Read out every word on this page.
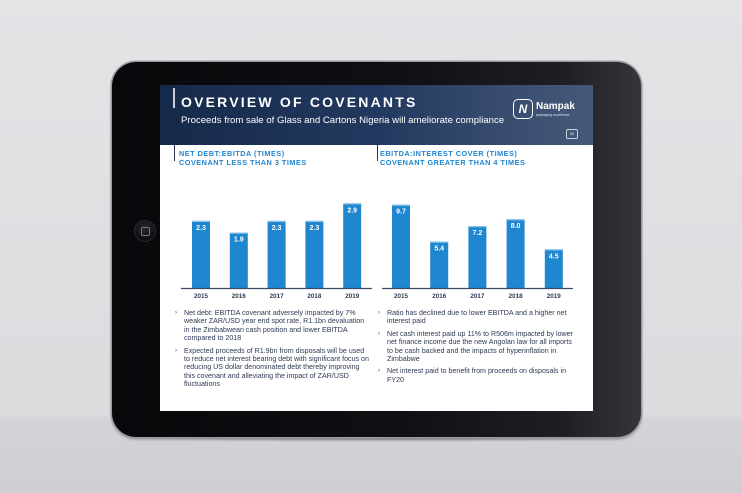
OVERVIEW OF COVENANTS
Proceeds from sale of Glass and Cartons Nigeria will ameliorate compliance
N Nampak
packaging excellence
22
NET DEBT:EBITDA (TIMES)
COVENANT LESS THAN 3 TIMES
EBITDA:INTEREST COVER (TIMES)
COVENANT GREATER THAN 4 TIMES
2.3
2015
1.9
2016
2.3
2017
2.3
2018
2.9
2019
9.7
2015
5.4
2016
7.2
2017
8.0
2018
4.5
2019
› Net debt: EBITDA covenant adversely impacted by 7% weaker ZAR/USD year end spot rate, R1.1bn devaluation in the Zimbabwean cash position and lower EBITDA compared to 2018
› Expected proceeds of R1.9bn from disposals will be used to reduce net interest bearing debt with significant focus on reducing US dollar denominated debt thereby improving this covenant and alleviating the impact of ZAR/USD fluctuations
› Ratio has declined due to lower EBITDA and a higher net interest paid
› Net cash interest paid up 11% to R506m impacted by lower net finance income due the new Angolan law for all imports to be cash backed and the impacts of hyperinflation in Zimbabwe
› Net interest paid to benefit from proceeds on disposals in FY20
